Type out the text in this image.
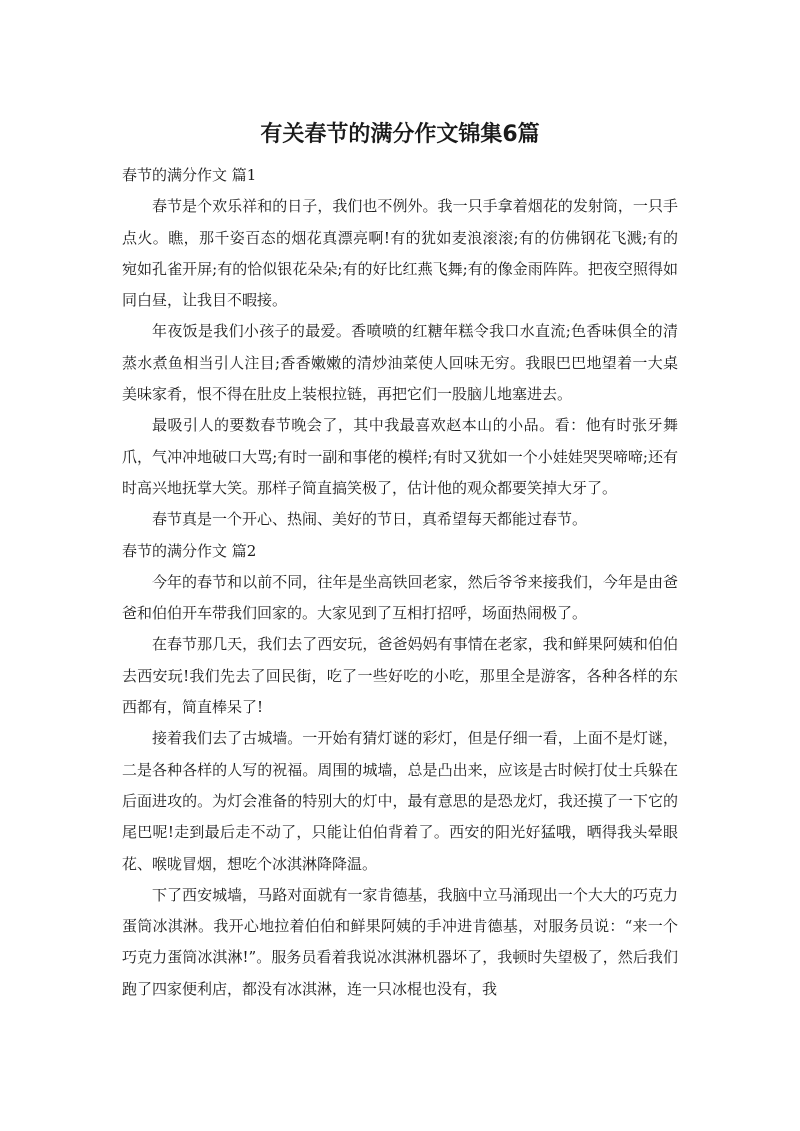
有关春节的满分作文锦集6篇

春节的满分作文 篇1

春节是个欢乐祥和的日子，我们也不例外。我一只手拿着烟花的发射筒，一只手点火。瞧，那千姿百态的烟花真漂亮啊!有的犹如麦浪滚滚;有的仿佛钢花飞溅;有的宛如孔雀开屏;有的恰似银花朵朵;有的好比红燕飞舞;有的像金雨阵阵。把夜空照得如同白昼，让我目不暇接。

年夜饭是我们小孩子的最爱。香喷喷的红糖年糕令我口水直流;色香味俱全的清蒸水煮鱼相当引人注目;香香嫩嫩的清炒油菜使人回味无穷。我眼巴巴地望着一大桌美味家肴，恨不得在肚皮上装根拉链，再把它们一股脑儿地塞进去。

最吸引人的要数春节晚会了，其中我最喜欢赵本山的小品。看：他有时张牙舞爪，气冲冲地破口大骂;有时一副和事佬的模样;有时又犹如一个小娃娃哭哭啼啼;还有时高兴地抚掌大笑。那样子简直搞笑极了，估计他的观众都要笑掉大牙了。

春节真是一个开心、热闹、美好的节日，真希望每天都能过春节。

春节的满分作文 篇2

今年的春节和以前不同，往年是坐高铁回老家，然后爷爷来接我们，今年是由爸爸和伯伯开车带我们回家的。大家见到了互相打招呼，场面热闹极了。

在春节那几天，我们去了西安玩，爸爸妈妈有事情在老家，我和鲜果阿姨和伯伯去西安玩!我们先去了回民街，吃了一些好吃的小吃，那里全是游客，各种各样的东西都有，简直棒呆了!

接着我们去了古城墙。一开始有猜灯谜的彩灯，但是仔细一看，上面不是灯谜，二是各种各样的人写的祝福。周围的城墙，总是凸出来，应该是古时候打仗士兵躲在后面进攻的。为灯会准备的特别大的灯中，最有意思的是恐龙灯，我还摸了一下它的尾巴呢!走到最后走不动了，只能让伯伯背着了。西安的阳光好猛哦，晒得我头晕眼花、喉咙冒烟，想吃个冰淇淋降降温。

下了西安城墙，马路对面就有一家肯德基，我脑中立马涌现出一个大大的巧克力蛋筒冰淇淋。我开心地拉着伯伯和鲜果阿姨的手冲进肯德基，对服务员说：“来一个巧克力蛋筒冰淇淋!”。服务员看着我说冰淇淋机器坏了，我顿时失望极了，然后我们跑了四家便利店，都没有冰淇淋，连一只冰棍也没有，我
